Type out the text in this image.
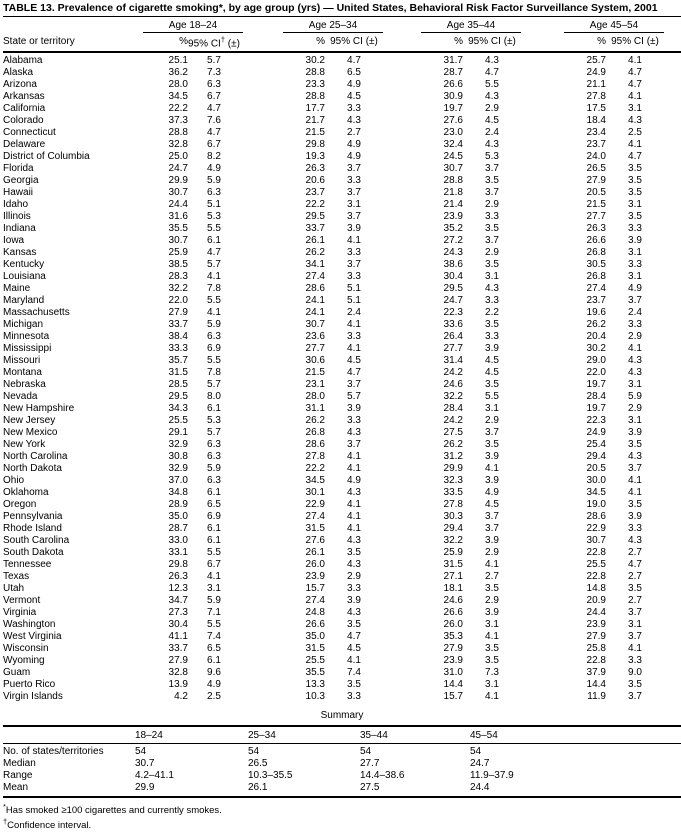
TABLE 13. Prevalence of cigarette smoking*, by age group (yrs) — United States, Behavioral Risk Factor Surveillance System, 2001

	Age 18–24		Age 25–34		Age 35–44		Age 45–54		

State or territory	%	95% CI† (±)	%	95% CI (±)	%	95% CI (±)	%	95% CI (±)	
Alabama	25.1	5.7	30.2	4.7	31.7	4.3	25.7	4.1	
Alaska	36.2	7.3	28.8	6.5	28.7	4.7	24.9	4.7	
Arizona	28.0	6.3	23.3	4.9	26.6	5.5	21.1	4.7	
Arkansas	34.5	6.7	28.8	4.5	30.9	4.3	27.8	4.1	
California	22.2	4.7	17.7	3.3	19.7	2.9	17.5	3.1	
Colorado	37.3	7.6	21.7	4.3	27.6	4.5	18.4	4.3	
Connecticut	28.8	4.7	21.5	2.7	23.0	2.4	23.4	2.5	
Delaware	32.8	6.7	29.8	4.9	32.4	4.3	23.7	4.1	
District of Columbia	25.0	8.2	19.3	4.9	24.5	5.3	24.0	4.7	
Florida	24.7	4.9	26.3	3.7	30.7	3.7	26.5	3.5	
Georgia	29.9	5.9	20.6	3.3	28.8	3.5	27.9	3.5	
Hawaii	30.7	6.3	23.7	3.7	21.8	3.7	20.5	3.5	
Idaho	24.4	5.1	22.2	3.1	21.4	2.9	21.5	3.1	
Illinois	31.6	5.3	29.5	3.7	23.9	3.3	27.7	3.5	
Indiana	35.5	5.5	33.7	3.9	35.2	3.5	26.3	3.3	
Iowa	30.7	6.1	26.1	4.1	27.2	3.7	26.6	3.9	
Kansas	25.9	4.7	26.2	3.3	24.3	2.9	26.8	3.1	
Kentucky	38.5	5.7	34.1	3.7	38.6	3.5	30.5	3.3	
Louisiana	28.3	4.1	27.4	3.3	30.4	3.1	26.8	3.1	
Maine	32.2	7.8	28.6	5.1	29.5	4.3	27.4	4.9	
Maryland	22.0	5.5	24.1	5.1	24.7	3.3	23.7	3.7	
Massachusetts	27.9	4.1	24.1	2.4	22.3	2.2	19.6	2.4	
Michigan	33.7	5.9	30.7	4.1	33.6	3.5	26.2	3.3	
Minnesota	38.4	6.3	23.6	3.3	26.4	3.3	20.4	2.9	
Mississippi	33.3	6.9	27.7	4.1	27.7	3.9	30.2	4.1	
Missouri	35.7	5.5	30.6	4.5	31.4	4.5	29.0	4.3	
Montana	31.5	7.8	21.5	4.7	24.2	4.5	22.0	4.3	
Nebraska	28.5	5.7	23.1	3.7	24.6	3.5	19.7	3.1	
Nevada	29.5	8.0	28.0	5.7	32.2	5.5	28.4	5.9	
New Hampshire	34.3	6.1	31.1	3.9	28.4	3.1	19.7	2.9	
New Jersey	25.5	5.3	26.2	3.3	24.2	2.9	22.3	3.1	
New Mexico	29.1	5.7	26.8	4.3	27.5	3.7	24.9	3.9	
New York	32.9	6.3	28.6	3.7	26.2	3.5	25.4	3.5	
North Carolina	30.8	6.3	27.8	4.1	31.2	3.9	29.4	4.3	
North Dakota	32.9	5.9	22.2	4.1	29.9	4.1	20.5	3.7	
Ohio	37.0	6.3	34.5	4.9	32.3	3.9	30.0	4.1	
Oklahoma	34.8	6.1	30.1	4.3	33.5	4.9	34.5	4.1	
Oregon	28.9	6.5	22.9	4.1	27.8	4.5	19.0	3.5	
Pennsylvania	35.0	6.9	27.4	4.1	30.3	3.7	28.6	3.9	
Rhode Island	28.7	6.1	31.5	4.1	29.4	3.7	22.9	3.3	
South Carolina	33.0	6.1	27.6	4.3	32.2	3.9	30.7	4.3	
South Dakota	33.1	5.5	26.1	3.5	25.9	2.9	22.8	2.7	
Tennessee	29.8	6.7	26.0	4.3	31.5	4.1	25.5	4.7	
Texas	26.3	4.1	23.9	2.9	27.1	2.7	22.8	2.7	
Utah	12.3	3.1	15.7	3.3	18.1	3.5	14.8	3.5	
Vermont	34.7	5.9	27.4	3.9	24.6	2.9	20.9	2.7	
Virginia	27.3	7.1	24.8	4.3	26.6	3.9	24.4	3.7	
Washington	30.4	5.5	26.6	3.5	26.0	3.1	23.9	3.1	
West Virginia	41.1	7.4	35.0	4.7	35.3	4.1	27.9	3.7	
Wisconsin	33.7	6.5	31.5	4.5	27.9	3.5	25.8	4.1	
Wyoming	27.9	6.1	25.5	4.1	23.9	3.5	22.8	3.3	
Guam	32.8	9.6	35.5	7.4	31.0	7.3	37.9	9.0	
Puerto Rico	13.9	4.9	13.3	3.5	14.4	3.1	14.4	3.5	
Virgin Islands	4.2	2.5	10.3	3.3	15.7	4.1	11.9	3.7	
Summary
	18–24	25–34	35–44	45–54
No. of states/territories	54	54	54	54
Median	30.7	26.5	27.7	24.7
Range	4.2–41.1	10.3–35.5	14.4–38.6	11.9–37.9
Mean	29.9	26.1	27.5	24.4
*Has smoked ≥100 cigarettes and currently smokes.
†Confidence interval.
